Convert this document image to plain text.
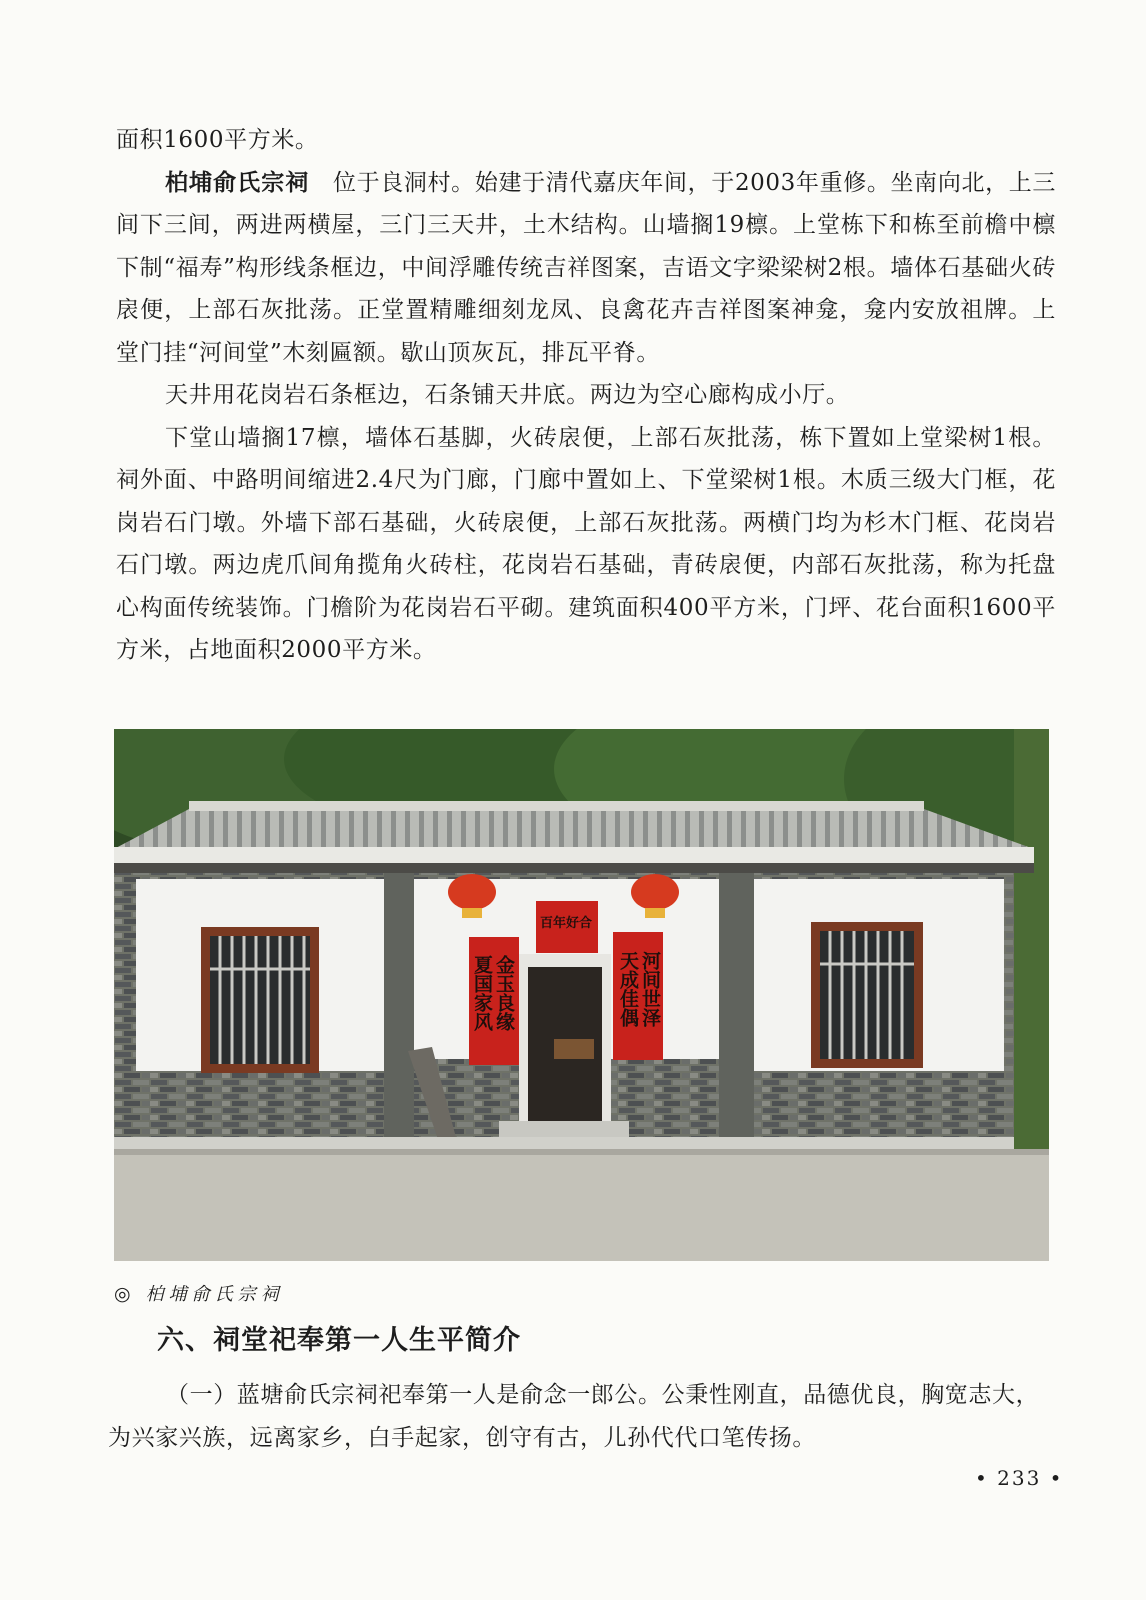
面积1600平方米。

柏埔俞氏宗祠　位于良洞村。始建于清代嘉庆年间，于2003年重修。坐南向北，上三间下三间，两进两横屋，三门三天井，土木结构。山墙搁19檩。上堂栋下和栋至前檐中檩下制“福寿”构形线条框边，中间浮雕传统吉祥图案，吉语文字梁梁树2根。墙体石基础火砖扆便，上部石灰批荡。正堂置精雕细刻龙凤、良禽花卉吉祥图案神龛，龛内安放祖牌。上堂门挂“河间堂”木刻匾额。歇山顶灰瓦，排瓦平脊。

天井用花岗岩石条框边，石条铺天井底。两边为空心廊构成小厅。

下堂山墙搁17檩，墙体石基脚，火砖扆便，上部石灰批荡，栋下置如上堂梁树1根。祠外面、中路明间缩进2.4尺为门廊，门廊中置如上、下堂梁树1根。木质三级大门框，花岗岩石门墩。外墙下部石基础，火砖扆便，上部石灰批荡。两横门均为杉木门框、花岗岩石门墩。两边虎爪间角揽角火砖柱，花岗岩石基础，青砖扆便，内部石灰批荡，称为托盘心构面传统装饰。门檐阶为花岗岩石平砌。建筑面积400平方米，门坪、花台面积1600平方米，占地面积2000平方米。

金玉良缘
夏国家风	河间世泽
天成佳偶
百年好合
◎ 柏埔俞氏宗祠
六、祠堂祀奉第一人生平简介

（一）蓝塘俞氏宗祠祀奉第一人是俞念一郎公。公秉性刚直，品德优良，胸宽志大，为兴家兴族，远离家乡，白手起家，创守有古，儿孙代代口笔传扬。

• 233 •
